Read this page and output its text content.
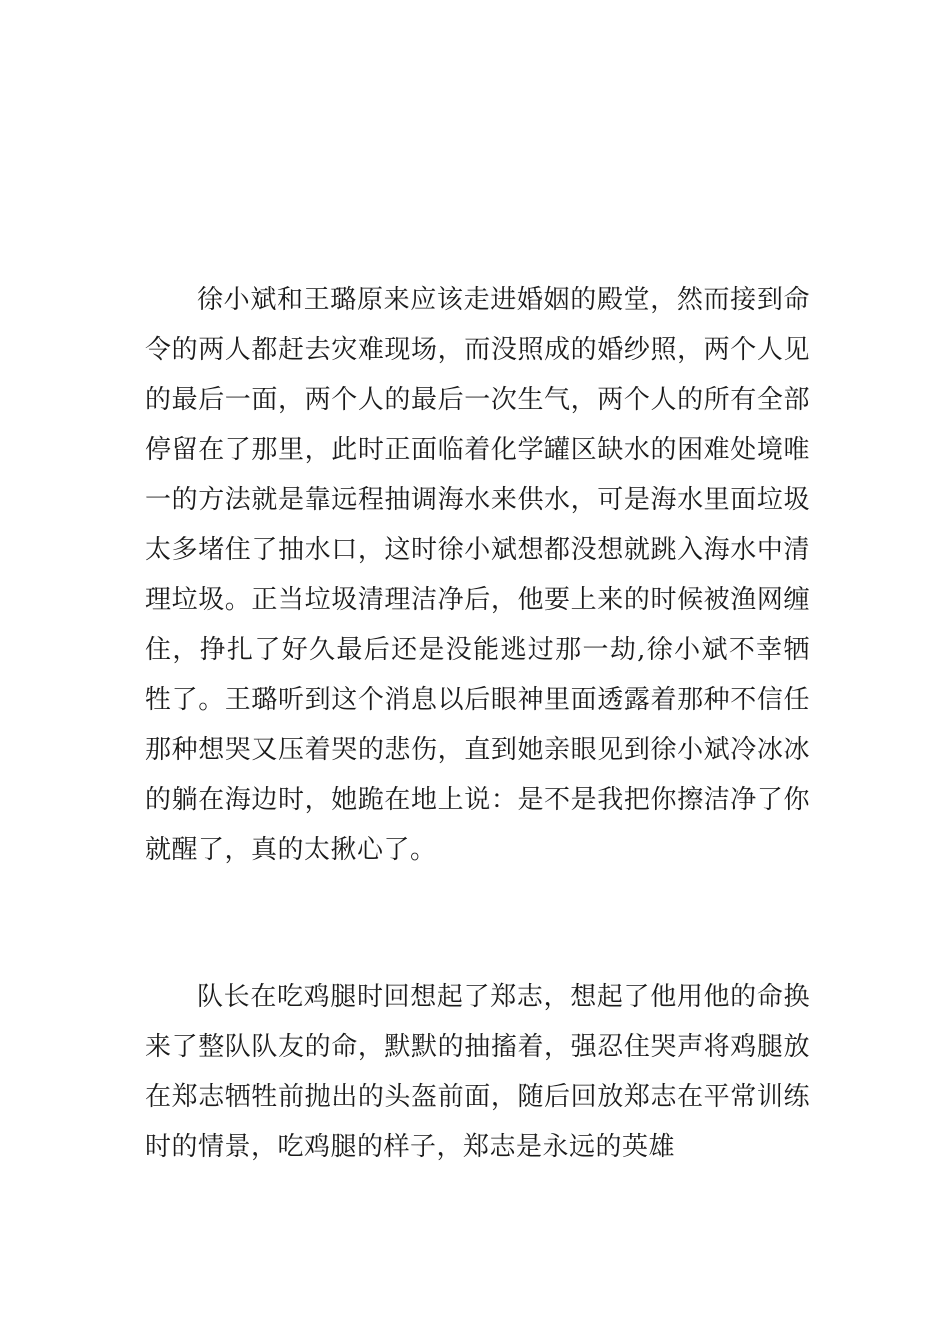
徐小斌和王璐原来应该走进婚姻的殿堂，然而接到命令的两人都赶去灾难现场，而没照成的婚纱照，两个人见的最后一面，两个人的最后一次生气，两个人的所有全部停留在了那里，此时正面临着化学罐区缺水的困难处境唯一的方法就是靠远程抽调海水来供水，可是海水里面垃圾太多堵住了抽水口，这时徐小斌想都没想就跳入海水中清理垃圾。正当垃圾清理洁净后，他要上来的时候被渔网缠住，挣扎了好久最后还是没能逃过那一劫,徐小斌不幸牺牲了。王璐听到这个消息以后眼神里面透露着那种不信任那种想哭又压着哭的悲伤，直到她亲眼见到徐小斌冷冰冰的躺在海边时，她跪在地上说：是不是我把你擦洁净了你就醒了，真的太揪心了。

队长在吃鸡腿时回想起了郑志，想起了他用他的命换来了整队队友的命，默默的抽搐着，强忍住哭声将鸡腿放在郑志牺牲前抛出的头盔前面，随后回放郑志在平常训练时的情景，吃鸡腿的样子，郑志是永远的英雄
